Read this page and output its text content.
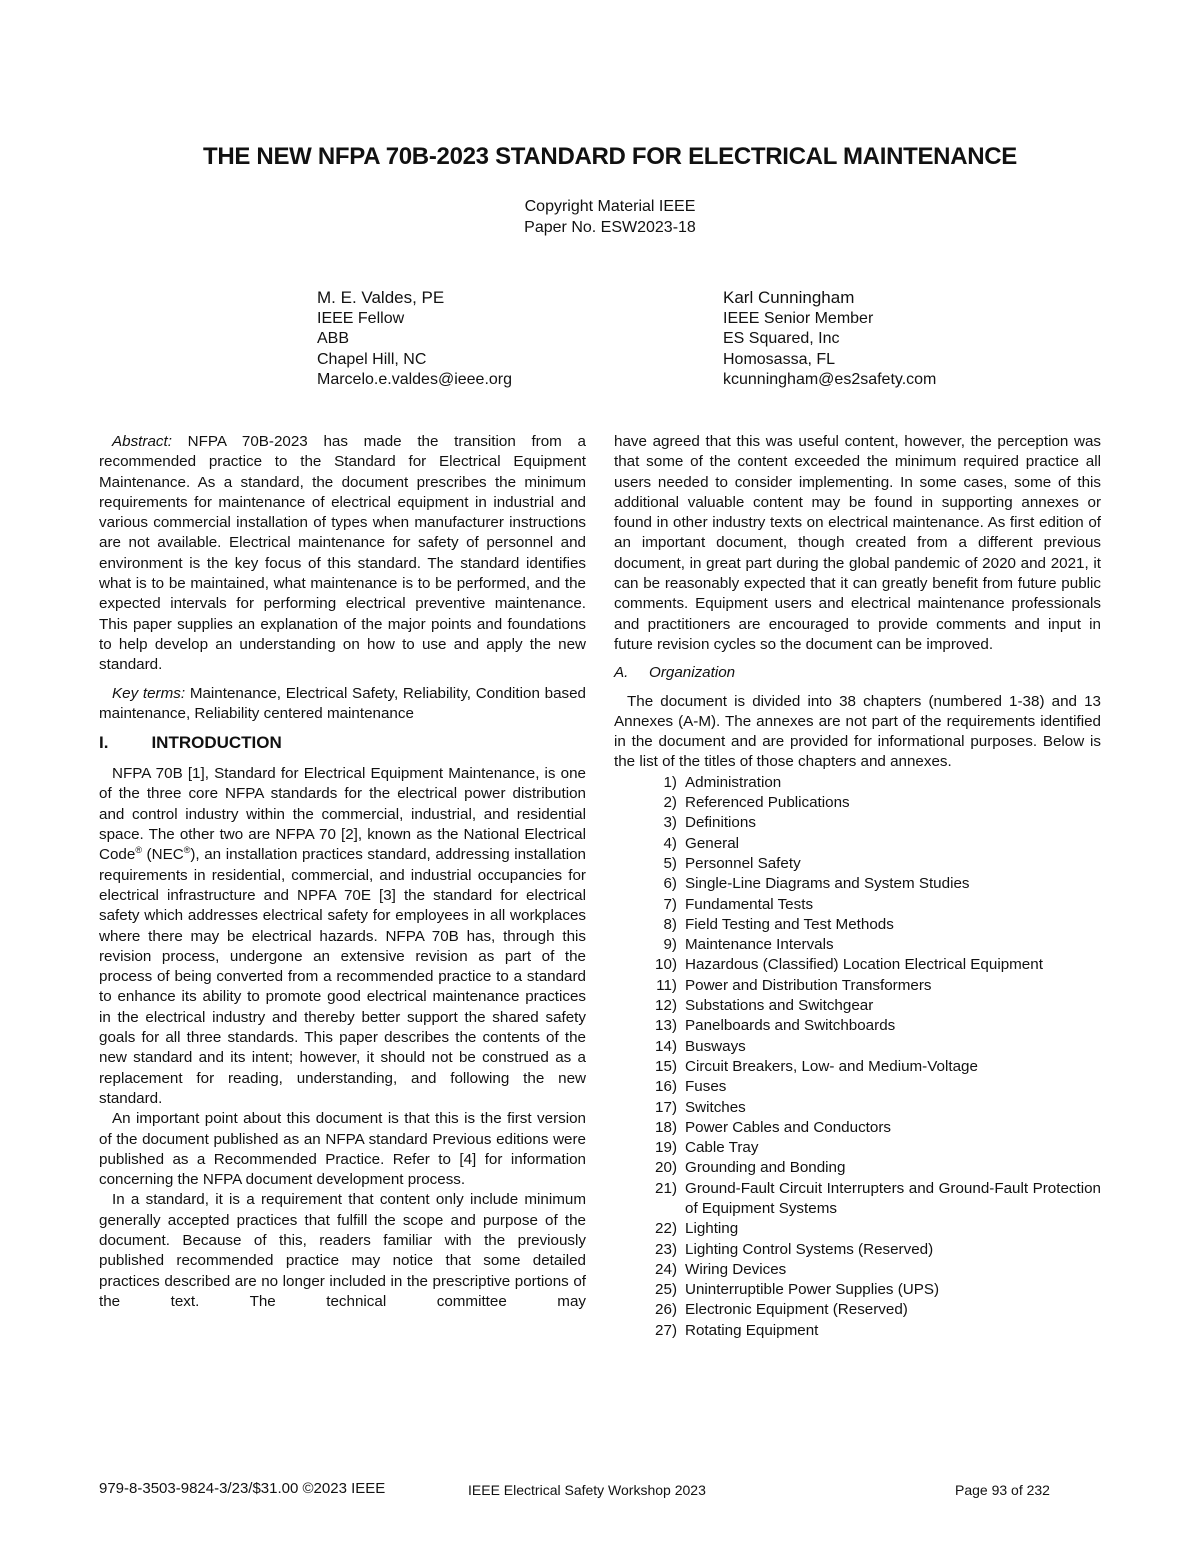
THE NEW NFPA 70B-2023 STANDARD FOR ELECTRICAL MAINTENANCE
Copyright Material IEEE
Paper No. ESW2023-18
M. E. Valdes, PE
IEEE Fellow
ABB
Chapel Hill, NC
Marcelo.e.valdes@ieee.org
Karl Cunningham
IEEE Senior Member
ES Squared, Inc
Homosassa, FL
kcunningham@es2safety.com

Abstract: NFPA 70B-2023 has made the transition from a recommended practice to the Standard for Electrical Equipment Maintenance. As a standard, the document prescribes the minimum requirements for maintenance of electrical equipment in industrial and various commercial installation of types when manufacturer instructions are not available. Electrical maintenance for safety of personnel and environment is the key focus of this standard. The standard identifies what is to be maintained, what maintenance is to be performed, and the expected intervals for performing electrical preventive maintenance. This paper supplies an explanation of the major points and foundations to help develop an understanding on how to use and apply the new standard.

Key terms: Maintenance, Electrical Safety, Reliability, Condition based maintenance, Reliability centered maintenance

I.	INTRODUCTION

NFPA 70B [1], Standard for Electrical Equipment Maintenance, is one of the three core NFPA standards for the electrical power distribution and control industry within the commercial, industrial, and residential space. The other two are NFPA 70 [2], known as the National Electrical Code® (NEC®), an installation practices standard, addressing installation requirements in residential, commercial, and industrial occupancies for electrical infrastructure and NPFA 70E [3] the standard for electrical safety which addresses electrical safety for employees in all workplaces where there may be electrical hazards. NFPA 70B has, through this revision process, undergone an extensive revision as part of the process of being converted from a recommended practice to a standard to enhance its ability to promote good electrical maintenance practices in the electrical industry and thereby better support the shared safety goals for all three standards. This paper describes the contents of the new standard and its intent; however, it should not be construed as a replacement for reading, understanding, and following the new standard.

An important point about this document is that this is the first version of the document published as an NFPA standard Previous editions were published as a Recommended Practice. Refer to [4] for information concerning the NFPA document development process.

In a standard, it is a requirement that content only include minimum generally accepted practices that fulfill the scope and purpose of the document. Because of this, readers familiar with the previously published recommended practice may notice that some detailed practices described are no longer included in the prescriptive portions of the text. The technical committee may

have agreed that this was useful content, however, the perception was that some of the content exceeded the minimum required practice all users needed to consider implementing. In some cases, some of this additional valuable content may be found in supporting annexes or found in other industry texts on electrical maintenance. As first edition of an important document, though created from a different previous document, in great part during the global pandemic of 2020 and 2021, it can be reasonably expected that it can greatly benefit from future public comments. Equipment users and electrical maintenance professionals and practitioners are encouraged to provide comments and input in future revision cycles so the document can be improved.

A. Organization

The document is divided into 38 chapters (numbered 1-38) and 13 Annexes (A-M). The annexes are not part of the requirements identified in the document and are provided for informational purposes. Below is the list of the titles of those chapters and annexes.

1) Administration
2) Referenced Publications
3) Definitions
4) General
5) Personnel Safety
6) Single-Line Diagrams and System Studies
7) Fundamental Tests
8) Field Testing and Test Methods
9) Maintenance Intervals
10) Hazardous (Classified) Location Electrical Equipment
11) Power and Distribution Transformers
12) Substations and Switchgear
13) Panelboards and Switchboards
14) Busways
15) Circuit Breakers, Low- and Medium-Voltage
16) Fuses
17) Switches
18) Power Cables and Conductors
19) Cable Tray
20) Grounding and Bonding
21) Ground-Fault Circuit Interrupters and Ground-Fault Protection of Equipment Systems
22) Lighting
23) Lighting Control Systems (Reserved)
24) Wiring Devices
25) Uninterruptible Power Supplies (UPS)
26) Electronic Equipment (Reserved)
27) Rotating Equipment
979-8-3503-9824-3/23/$31.00 ©2023 IEEE	IEEE Electrical Safety Workshop 2023	Page 93 of 232
